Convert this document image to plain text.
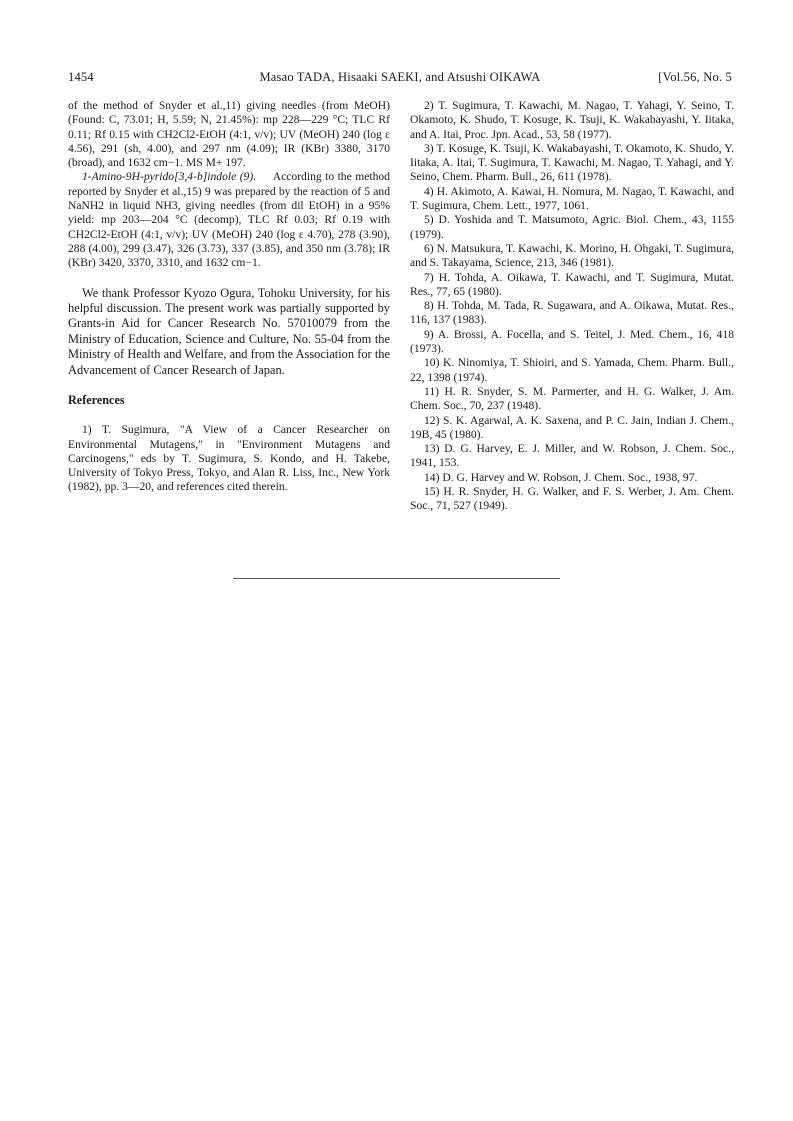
1454	Masao TADA, Hisaaki SAEKI, and Atsushi OIKAWA	[Vol.56, No. 5

of the method of Snyder et al.,11) giving needles (from MeOH) (Found: C, 73.01; H, 5.59; N, 21.45%): mp 228—229 °C; TLC Rf 0.11; Rf 0.15 with CH2Cl2-EtOH (4:1, v/v); UV (MeOH) 240 (log ε 4.56), 291 (sh, 4.00), and 297 nm (4.09); IR (KBr) 3380, 3170 (broad), and 1632 cm−1. MS M+ 197.

1-Amino-9H-pyrido[3,4-b]indole (9). According to the method reported by Snyder et al.,15) 9 was prepared by the reaction of 5 and NaNH2 in liquid NH3, giving needles (from dil EtOH) in a 95% yield: mp 203—204 °C (decomp), TLC Rf 0.03; Rf 0.19 with CH2Cl2-EtOH (4:1, v/v); UV (MeOH) 240 (log ε 4.70), 278 (3.90), 288 (4.00), 299 (3.47), 326 (3.73), 337 (3.85), and 350 nm (3.78); IR (KBr) 3420, 3370, 3310, and 1632 cm−1.

We thank Professor Kyozo Ogura, Tohoku University, for his helpful discussion. The present work was partially supported by Grants-in Aid for Cancer Research No. 57010079 from the Ministry of Education, Science and Culture, No. 55-04 from the Ministry of Health and Welfare, and from the Association for the Advancement of Cancer Research of Japan.

References

1) T. Sugimura, "A View of a Cancer Researcher on Environmental Mutagens," in "Environment Mutagens and Carcinogens," eds by T. Sugimura, S. Kondo, and H. Takebe, University of Tokyo Press, Tokyo, and Alan R. Liss, Inc., New York (1982), pp. 3—20, and references cited therein.

2) T. Sugimura, T. Kawachi, M. Nagao, T. Yahagi, Y. Seino, T. Okamoto, K. Shudo, T. Kosuge, K. Tsuji, K. Wakabayashi, Y. Iitaka, and A. Itai, Proc. Jpn. Acad., 53, 58 (1977).

3) T. Kosuge, K. Tsuji, K. Wakabayashi, T. Okamoto, K. Shudo, Y. Iitaka, A. Itai, T. Sugimura, T. Kawachi, M. Nagao, T. Yahagi, and Y. Seino, Chem. Pharm. Bull., 26, 611 (1978).

4) H. Akimoto, A. Kawai, H. Nomura, M. Nagao, T. Kawachi, and T. Sugimura, Chem. Lett., 1977, 1061.

5) D. Yoshida and T. Matsumoto, Agric. Biol. Chem., 43, 1155 (1979).

6) N. Matsukura, T. Kawachi, K. Morino, H. Ohgaki, T. Sugimura, and S. Takayama, Science, 213, 346 (1981).

7) H. Tohda, A. Oikawa, T. Kawachi, and T. Sugimura, Mutat. Res., 77, 65 (1980).

8) H. Tohda, M. Tada, R. Sugawara, and A. Oikawa, Mutat. Res., 116, 137 (1983).

9) A. Brossi, A. Focella, and S. Teitel, J. Med. Chem., 16, 418 (1973).

10) K. Ninomiya, T. Shioiri, and S. Yamada, Chem. Pharm. Bull., 22, 1398 (1974).

11) H. R. Snyder, S. M. Parmerter, and H. G. Walker, J. Am. Chem. Soc., 70, 237 (1948).

12) S. K. Agarwal, A. K. Saxena, and P. C. Jain, Indian J. Chem., 19B, 45 (1980).

13) D. G. Harvey, E. J. Miller, and W. Robson, J. Chem. Soc., 1941, 153.

14) D. G. Harvey and W. Robson, J. Chem. Soc., 1938, 97.

15) H. R. Snyder, H. G. Walker, and F. S. Werber, J. Am. Chem. Soc., 71, 527 (1949).
